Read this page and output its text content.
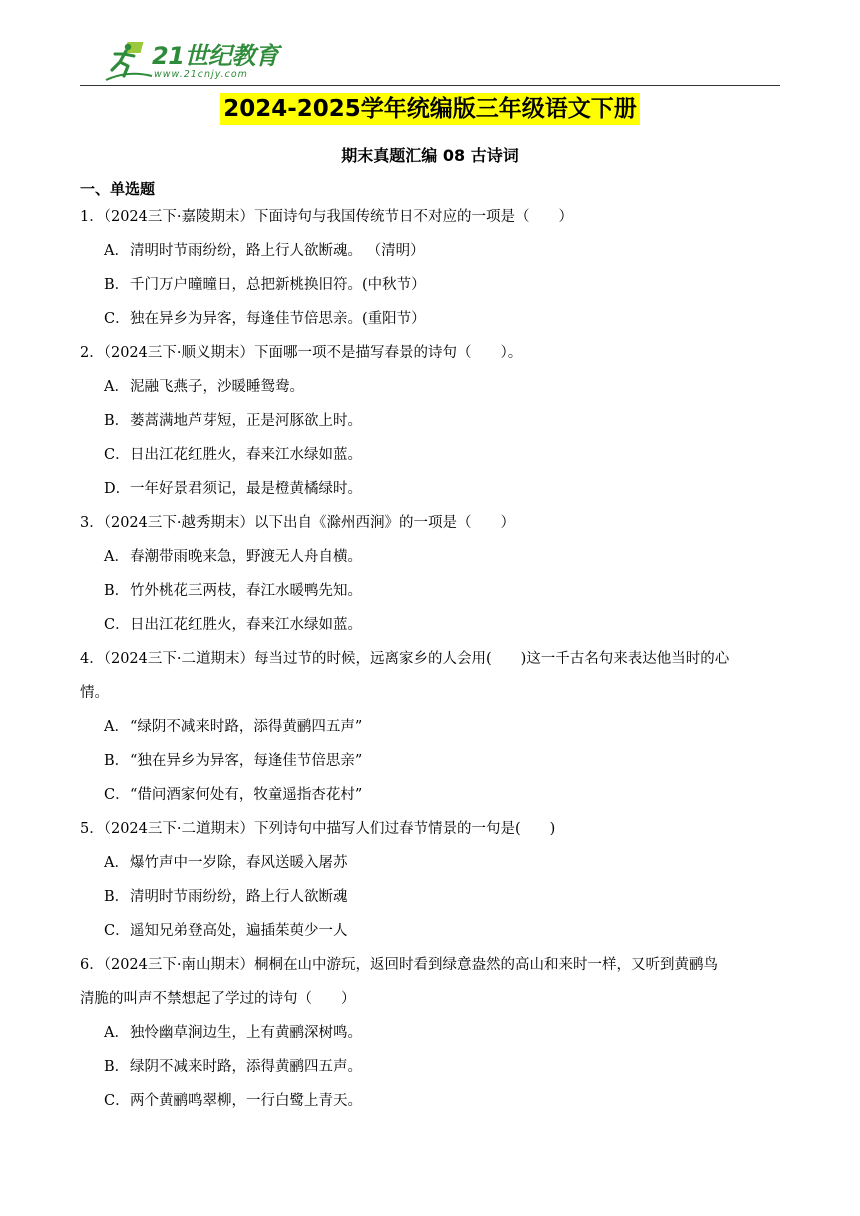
21世纪教育
www.21cnjy.com
2024-2025学年统编版三年级语文下册
期末真题汇编 08 古诗词
一、单选题
1．（2024三下·嘉陵期末）下面诗句与我国传统节日不对应的一项是（　　）
A．清明时节雨纷纷，路上行人欲断魂。 （清明）
B．千门万户曈曈日，总把新桃换旧符。(中秋节）
C．独在异乡为异客，每逢佳节倍思亲。(重阳节）
2．（2024三下·顺义期末）下面哪一项不是描写春景的诗句（　　）。
A．泥融飞燕子，沙暖睡鸳鸯。
B．蒌蒿满地芦芽短，正是河豚欲上时。
C．日出江花红胜火，春来江水绿如蓝。
D．一年好景君须记，最是橙黄橘绿时。
3．（2024三下·越秀期末）以下出自《滁州西涧》的一项是（　　）
A．春潮带雨晚来急，野渡无人舟自横。
B．竹外桃花三两枝，春江水暖鸭先知。
C．日出江花红胜火，春来江水绿如蓝。
4．（2024三下·二道期末）每当过节的时候，远离家乡的人会用(　　)这一千古名句来表达他当时的心
情。
A．“绿阴不减来时路，添得黄鹂四五声”
B．“独在异乡为异客，每逢佳节倍思亲”
C．“借问酒家何处有，牧童遥指杏花村”
5．（2024三下·二道期末）下列诗句中描写人们过春节情景的一句是(　　)
A．爆竹声中一岁除，春风送暖入屠苏
B．清明时节雨纷纷，路上行人欲断魂
C．遥知兄弟登高处，遍插茱萸少一人
6．（2024三下·南山期末）桐桐在山中游玩，返回时看到绿意盎然的高山和来时一样，又听到黄鹂鸟
清脆的叫声不禁想起了学过的诗句（　　）
A．独怜幽草涧边生，上有黄鹂深树鸣。
B．绿阴不减来时路，添得黄鹂四五声。
C．两个黄鹂鸣翠柳，一行白鹭上青天。
